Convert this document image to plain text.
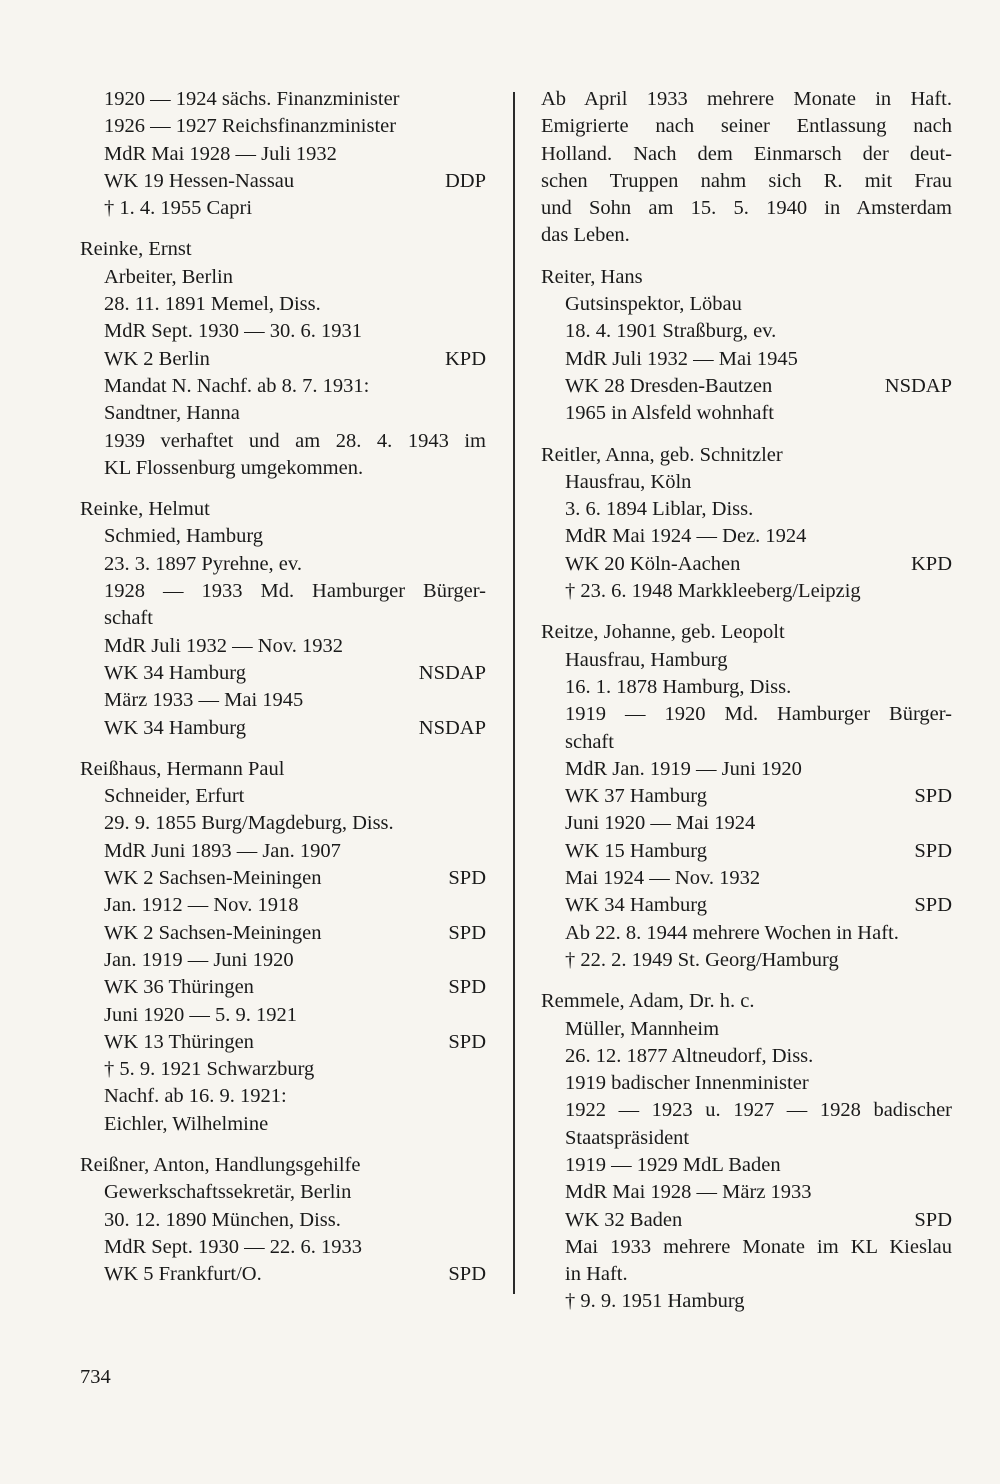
1920 — 1924 sächs. Finanzminister
1926 — 1927 Reichsfinanzminister
MdR Mai 1928 — Juli 1932
WK 19 Hessen-Nassau	DDP
† 1. 4. 1955 Capri
Reinke, Ernst
Arbeiter, Berlin
28. 11. 1891 Memel, Diss.
MdR Sept. 1930 — 30. 6. 1931
WK 2 Berlin	KPD
Mandat N. Nachf. ab 8. 7. 1931:
Sandtner, Hanna
1939 verhaftet und am 28. 4. 1943 im
KL Flossenburg umgekommen.
Reinke, Helmut
Schmied, Hamburg
23. 3. 1897 Pyrehne, ev.
1928 — 1933 Md. Hamburger Bürger-
schaft
MdR Juli 1932 — Nov. 1932
WK 34 Hamburg	NSDAP
März 1933 — Mai 1945
WK 34 Hamburg	NSDAP
Reißhaus, Hermann Paul
Schneider, Erfurt
29. 9. 1855 Burg/Magdeburg, Diss.
MdR Juni 1893 — Jan. 1907
WK 2 Sachsen-Meiningen	SPD
Jan. 1912 — Nov. 1918
WK 2 Sachsen-Meiningen	SPD
Jan. 1919 — Juni 1920
WK 36 Thüringen	SPD
Juni 1920 — 5. 9. 1921
WK 13 Thüringen	SPD
† 5. 9. 1921 Schwarzburg
Nachf. ab 16. 9. 1921:
Eichler, Wilhelmine
Reißner, Anton, Handlungsgehilfe
Gewerkschaftssekretär, Berlin
30. 12. 1890 München, Diss.
MdR Sept. 1930 — 22. 6. 1933
WK 5 Frankfurt/O.	SPD
Ab April 1933 mehrere Monate in Haft.
Emigrierte nach seiner Entlassung nach
Holland. Nach dem Einmarsch der deut-
schen Truppen nahm sich R. mit Frau
und Sohn am 15. 5. 1940 in Amsterdam
das Leben.
Reiter, Hans
Gutsinspektor, Löbau
18. 4. 1901 Straßburg, ev.
MdR Juli 1932 — Mai 1945
WK 28 Dresden-Bautzen	NSDAP
1965 in Alsfeld wohnhaft
Reitler, Anna, geb. Schnitzler
Hausfrau, Köln
3. 6. 1894 Liblar, Diss.
MdR Mai 1924 — Dez. 1924
WK 20 Köln-Aachen	KPD
† 23. 6. 1948 Markkleeberg/Leipzig
Reitze, Johanne, geb. Leopolt
Hausfrau, Hamburg
16. 1. 1878 Hamburg, Diss.
1919 — 1920 Md. Hamburger Bürger-
schaft
MdR Jan. 1919 — Juni 1920
WK 37 Hamburg	SPD
Juni 1920 — Mai 1924
WK 15 Hamburg	SPD
Mai 1924 — Nov. 1932
WK 34 Hamburg	SPD
Ab 22. 8. 1944 mehrere Wochen in Haft.
† 22. 2. 1949 St. Georg/Hamburg
Remmele, Adam, Dr. h. c.
Müller, Mannheim
26. 12. 1877 Altneudorf, Diss.
1919 badischer Innenminister
1922 — 1923 u. 1927 — 1928 badischer
Staatspräsident
1919 — 1929 MdL Baden
MdR Mai 1928 — März 1933
WK 32 Baden	SPD
Mai 1933 mehrere Monate im KL Kieslau
in Haft.
† 9. 9. 1951 Hamburg
734
